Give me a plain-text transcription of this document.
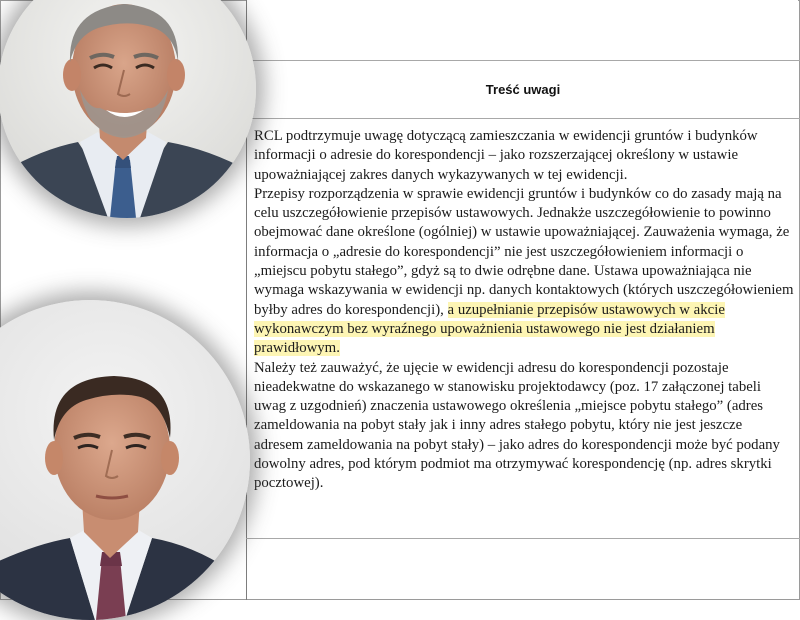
Treść uwagi

RCL podtrzymuje uwagę dotyczącą zamieszczania w ewidencji gruntów i budynków informacji o adresie do korespondencji – jako rozszerzającej określony w ustawie upoważniającej zakres danych wykazywanych w tej ewidencji.

Przepisy rozporządzenia w sprawie ewidencji gruntów i budynków co do zasady mają na celu uszczegółowienie przepisów ustawowych. Jednakże uszczegółowienie to powinno obejmować dane określone (ogólniej) w ustawie upoważniającej. Zauważenia wymaga, że informacja o „adresie do korespondencji” nie jest uszczegółowieniem informacji o „miejscu pobytu stałego”, gdyż są to dwie odrębne dane. Ustawa upoważniająca nie wymaga wskazywania w ewidencji np. danych kontaktowych (których uszczegółowieniem byłby adres do korespondencji), a uzupełnianie przepisów ustawowych w akcie wykonawczym bez wyraźnego upoważnienia ustawowego nie jest działaniem prawidłowym.

Należy też zauważyć, że ujęcie w ewidencji adresu do korespondencji pozostaje nieadekwatne do wskazanego w stanowisku projektodawcy (poz. 17 załączonej tabeli uwag z uzgodnień) znaczenia ustawowego określenia „miejsce pobytu stałego” (adres zameldowania na pobyt stały jak i inny adres stałego pobytu, który nie jest jeszcze adresem zameldowania na pobyt stały) – jako adres do korespondencji może być podany dowolny adres, pod którym podmiot ma otrzymywać korespondencję (np. adres skrytki pocztowej).
